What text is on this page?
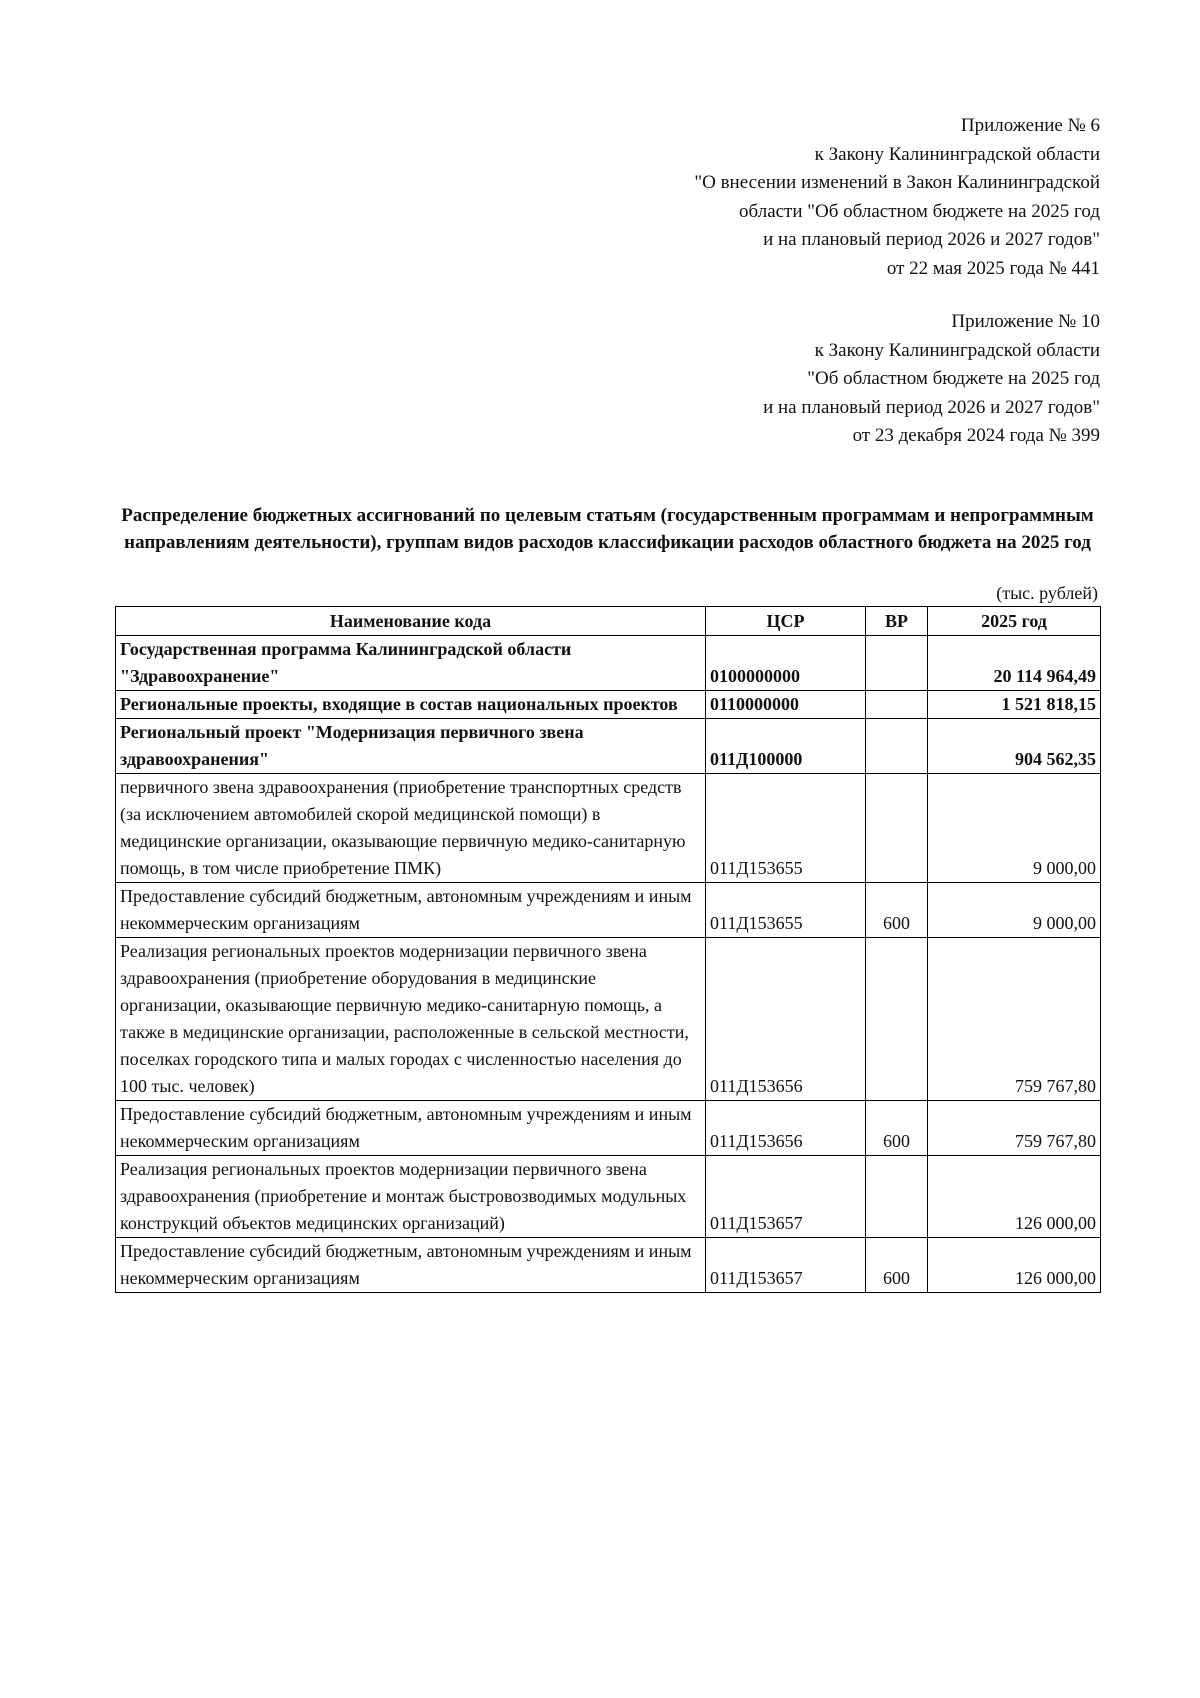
Приложение № 6
к Закону Калининградской области
"О внесении изменений в Закон Калининградской
области "Об областном бюджете на 2025 год
и на плановый период 2026 и 2027 годов"
от 22 мая 2025 года № 441
Приложение № 10
к Закону Калининградской области
"Об областном бюджете на 2025 год
и на плановый период 2026 и 2027 годов"
от 23 декабря 2024 года № 399
Распределение бюджетных ассигнований по целевым статьям (государственным программам и непрограммным направлениям деятельности), группам видов расходов классификации расходов областного бюджета на 2025 год
(тыс. рублей)
Наименование кода	ЦСР	ВР	2025 год
Государственная программа Калининградской области "Здравоохранение"	0100000000		20 114 964,49
Региональные проекты, входящие в состав национальных проектов	0110000000		1 521 818,15
Региональный проект "Модернизация первичного звена здравоохранения"	011Д100000		904 562,35
первичного звена здравоохранения (приобретение транспортных средств (за исключением автомобилей скорой медицинской помощи) в медицинские организации, оказывающие первичную медико-санитарную помощь, в том числе приобретение ПМК)	011Д153655		9 000,00
Предоставление субсидий бюджетным, автономным учреждениям и иным некоммерческим организациям	011Д153655	600	9 000,00
Реализация региональных проектов модернизации первичного звена здравоохранения (приобретение оборудования в медицинские организации, оказывающие первичную медико-санитарную помощь, а также в медицинские организации, расположенные в сельской местности, поселках городского типа и малых городах с численностью населения до 100 тыс. человек)	011Д153656		759 767,80
Предоставление субсидий бюджетным, автономным учреждениям и иным некоммерческим организациям	011Д153656	600	759 767,80
Реализация региональных проектов модернизации первичного звена здравоохранения (приобретение и монтаж быстровозводимых модульных конструкций объектов медицинских организаций)	011Д153657		126 000,00
Предоставление субсидий бюджетным, автономным учреждениям и иным некоммерческим организациям	011Д153657	600	126 000,00
